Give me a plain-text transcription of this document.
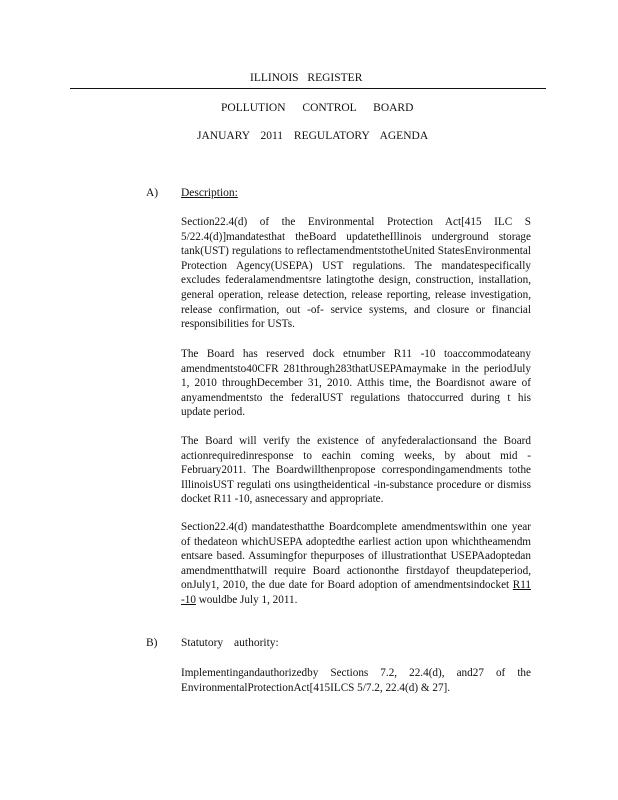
ILLINOIS REGISTER
POLLUTION CONTROL BOARD
JANUARY 2011 REGULATORY AGENDA
A) Description:
Section22.4(d) of the Environmental Protection Act[415 ILC S 5/22.4(d)]mandatesthat theBoard updatetheIllinois underground storage tank(UST) regulations to reflectamendmentstotheUnited StatesEnvironmental Protection Agency(USEPA) UST regulations. The mandatespecifically excludes federalamendmentsre latingtothe design, construction, installation, general operation, release detection, release reporting, release investigation, release confirmation, out -of- service systems, and closure or financial responsibilities for USTs.
The Board has reserved dock etnumber R11 -10 toaccommodateany amendmentsto40CFR 281through283thatUSEPAmaymake in the periodJuly 1, 2010 throughDecember 31, 2010. Atthis time, the Boardisnot aware of anyamendmentsto the federalUST regulations thatoccurred during t his update period.
The Board will verify the existence of anyfederalactionsand the Board actionrequiredinresponse to eachin coming weeks, by about mid - February2011. The Boardwillthenpropose correspondingamendments tothe IllinoisUST regulati ons usingtheidentical -in-substance procedure or dismiss docket R11 -10, asnecessary and appropriate.
Section22.4(d) mandatesthatthe Boardcomplete amendmentswithin one year of thedateon whichUSEPA adoptedthe earliest action upon whichtheamendm entsare based. Assumingfor thepurposes of illustrationthat USEPAadoptedan amendmentthatwill require Board actiononthe firstdayof theupdateperiod, onJuly1, 2010, the due date for Board adoption of amendmentsindocket R11 -10 wouldbe July 1, 2011.
B) Statutory authority:
Implementingandauthorizedby Sections 7.2, 22.4(d), and27 of the EnvironmentalProtectionAct[415ILCS 5/7.2, 22.4(d) & 27].
